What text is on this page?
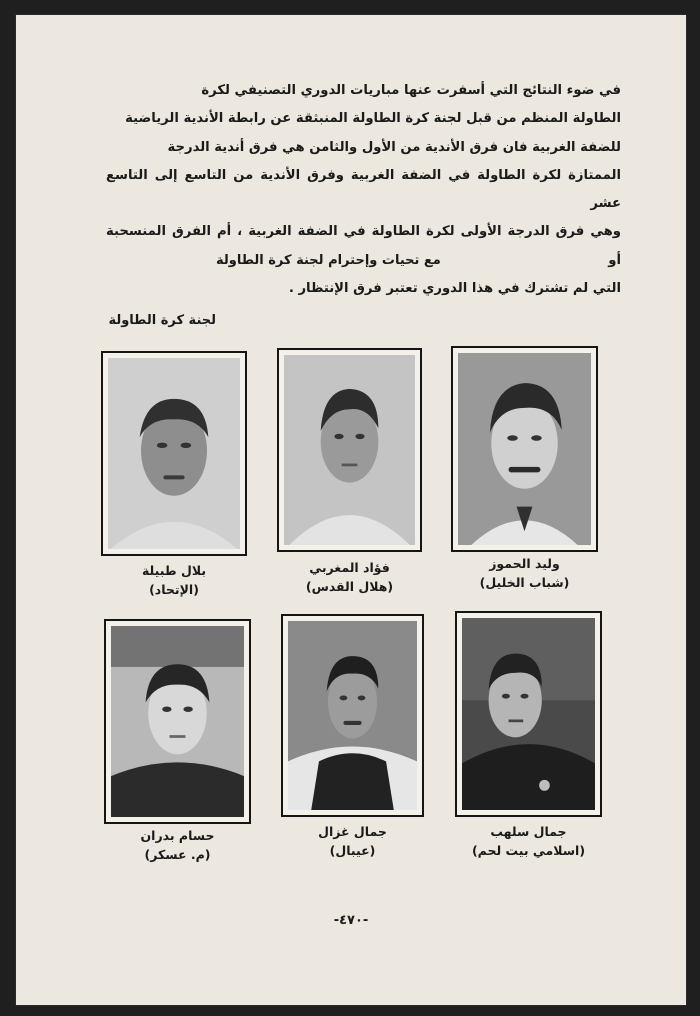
في ضوء النتائج التي أسفرت عنها مباريات الدوري التصنيفي لكرة
الطاولة المنظم من قبل لجنة كرة الطاولة المنبثقة عن رابطة الأندية الرياضية
للضفة الغربية فان فرق الأندية من الأول والثامن هي فرق أندية الدرجة
الممتازة لكرة الطاولة في الضفة الغربية وفرق الأندية من التاسع إلى التاسع عشر
وهي فرق الدرجة الأولى لكرة الطاولة في الضفة الغربية ، أم الفرق المنسحبة أو
التي لم تشترك في هذا الدوري تعتبر فرق الإنتظار .
مع تحيات وإحترام لجنة كرة الطاولة
لجنة كرة الطاولة
وليد الحموز
(شباب الخليل)
فؤاد المغربي
(هلال القدس)
بلال طبيلة
(الإتحاد)
جمال سلهب
(اسلامي بيت لحم)
جمال غزال
(عيبال)
حسام بدران
(م. عسكر)
-٤٧٠-
